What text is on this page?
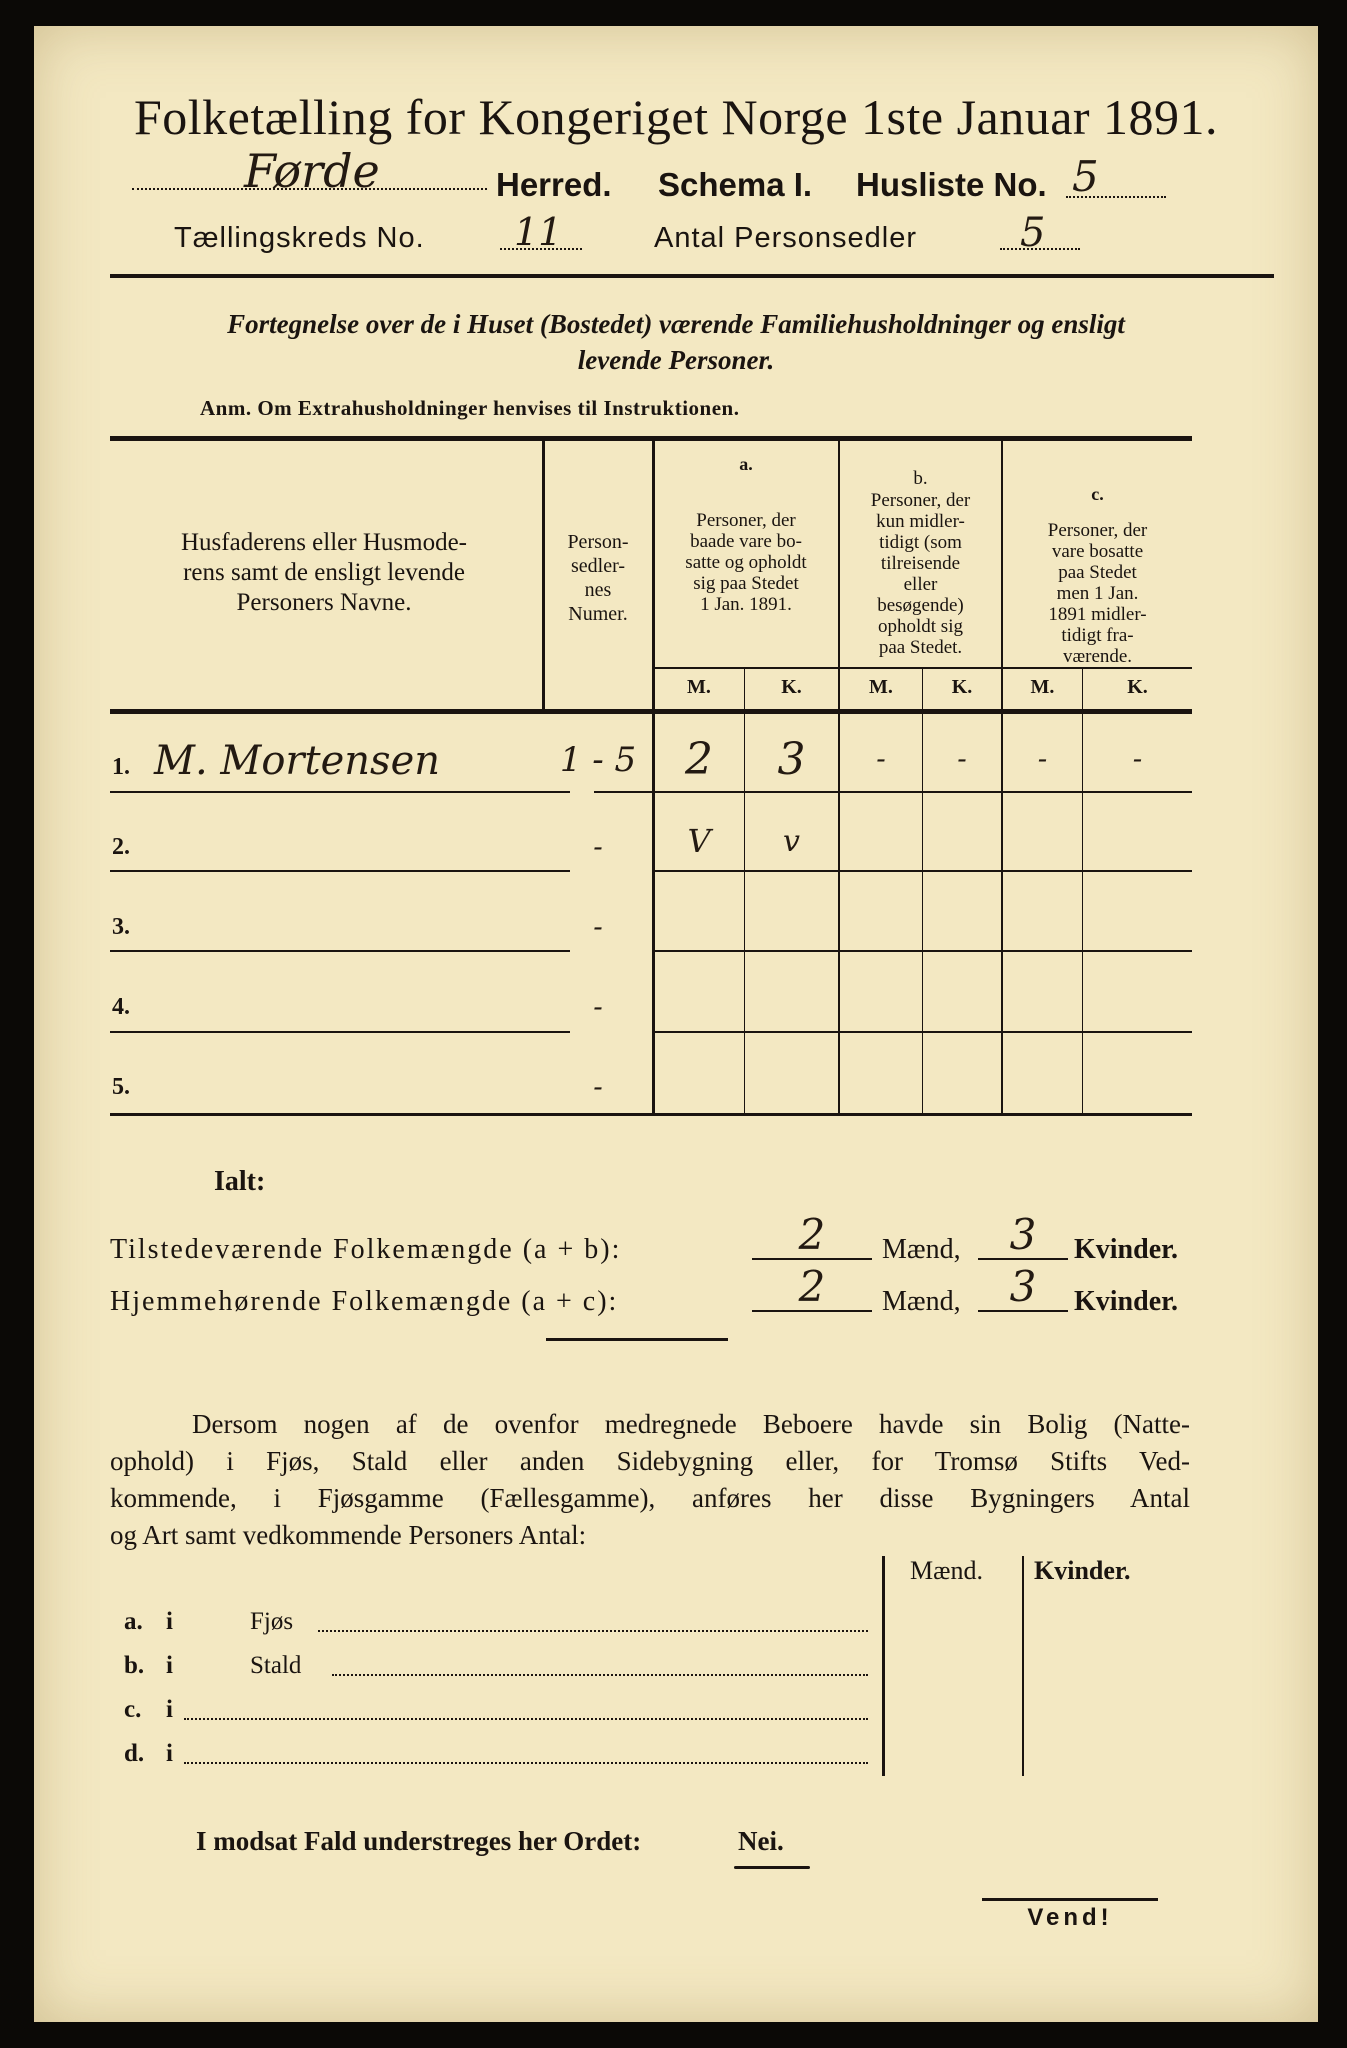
Folketælling for Kongeriget Norge 1ste Januar 1891.
Førde	Herred. Schema I. Husliste No. 5
Tællingskreds No. 11	Antal Personsedler	5
Fortegnelse over de i Huset (Bostedet) værende Familiehusholdninger og ensligt
levende Personer.
Anm. Om Extrahusholdninger henvises til Instruktionen.
Husfaderens eller Husmode-
rens samt de ensligt levende
Personers Navne.
Person-
sedler-
nes
Numer.
a.
Personer, der
baade vare bo-
satte og opholdt
sig paa Stedet
1 Jan. 1891.
b.
Personer, der
kun midler-
tidigt (som
tilreisende
eller
besøgende)
opholdt sig
paa Stedet.
c.
Personer, der
vare bosatte
paa Stedet
men 1 Jan.
1891 midler-
tidigt fra-
værende.
M.	K.	M.	K.	M.	K.
1. M. Mortensen	1 - 5	2	3	-	-	-	-
2.	-	V	v
3.	-
4.	-
5.	-
Ialt:
Tilstedeværende Folkemængde (a + b):	2	Mænd,	3	Kvinder.
Hjemmehørende Folkemængde (a + c):	2	Mænd,	3	Kvinder.
Dersom nogen af de ovenfor medregnede Beboere havde sin Bolig (Natte-
ophold) i Fjøs, Stald eller anden Sidebygning eller, for Tromsø Stifts Ved-
kommende, i Fjøsgamme (Fællesgamme), anføres her disse Bygningers Antal
og Art samt vedkommende Personers Antal:
Mænd. Kvinder.
a. i	Fjøs
b. i	Stald
c. i
d. i
I modsat Fald understreges her Ordet:	Nei.
Vend!
